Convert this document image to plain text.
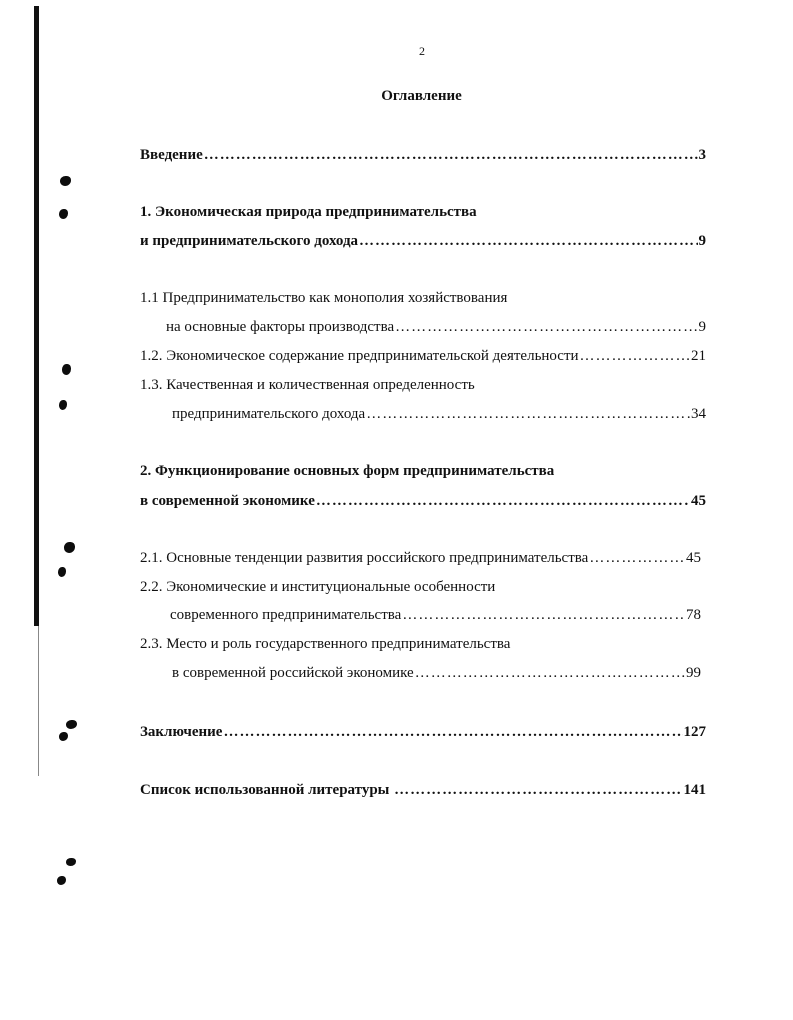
2
Оглавление
Введение ………………………………………………………………………………………………………………………………………………………………	3
1. Экономическая природа предпринимательства
и предпринимательского дохода ………………………………………………………………………………………………………………………………………………………………	9
1.1 Предпринимательство как монополия хозяйствования
на основные факторы производства ………………………………………………………………………………………………………………………………………………………………	9
1.2. Экономическое содержание предпринимательской деятельности ………………………………………………………………………………………………………………………………………………………………	21
1.3. Качественная и количественная определенность
предпринимательского дохода ………………………………………………………………………………………………………………………………………………………………	34
2. Функционирование основных форм предпринимательства
в современной экономике ………………………………………………………………………………………………………………………………………………………………	45
2.1. Основные тенденции развития российского предпринимательства ………………………………………………………………………………………………………………………………………………………………	45
2.2. Экономические и институциональные особенности
современного предпринимательства ………………………………………………………………………………………………………………………………………………………………	78
2.3. Место и роль государственного предпринимательства
в современной российской экономике ………………………………………………………………………………………………………………………………………………………………	99
Заключение ………………………………………………………………………………………………………………………………………………………………	127
Список использованной литературы ………………………………………………………………………………………………………………………………………………………………	141
